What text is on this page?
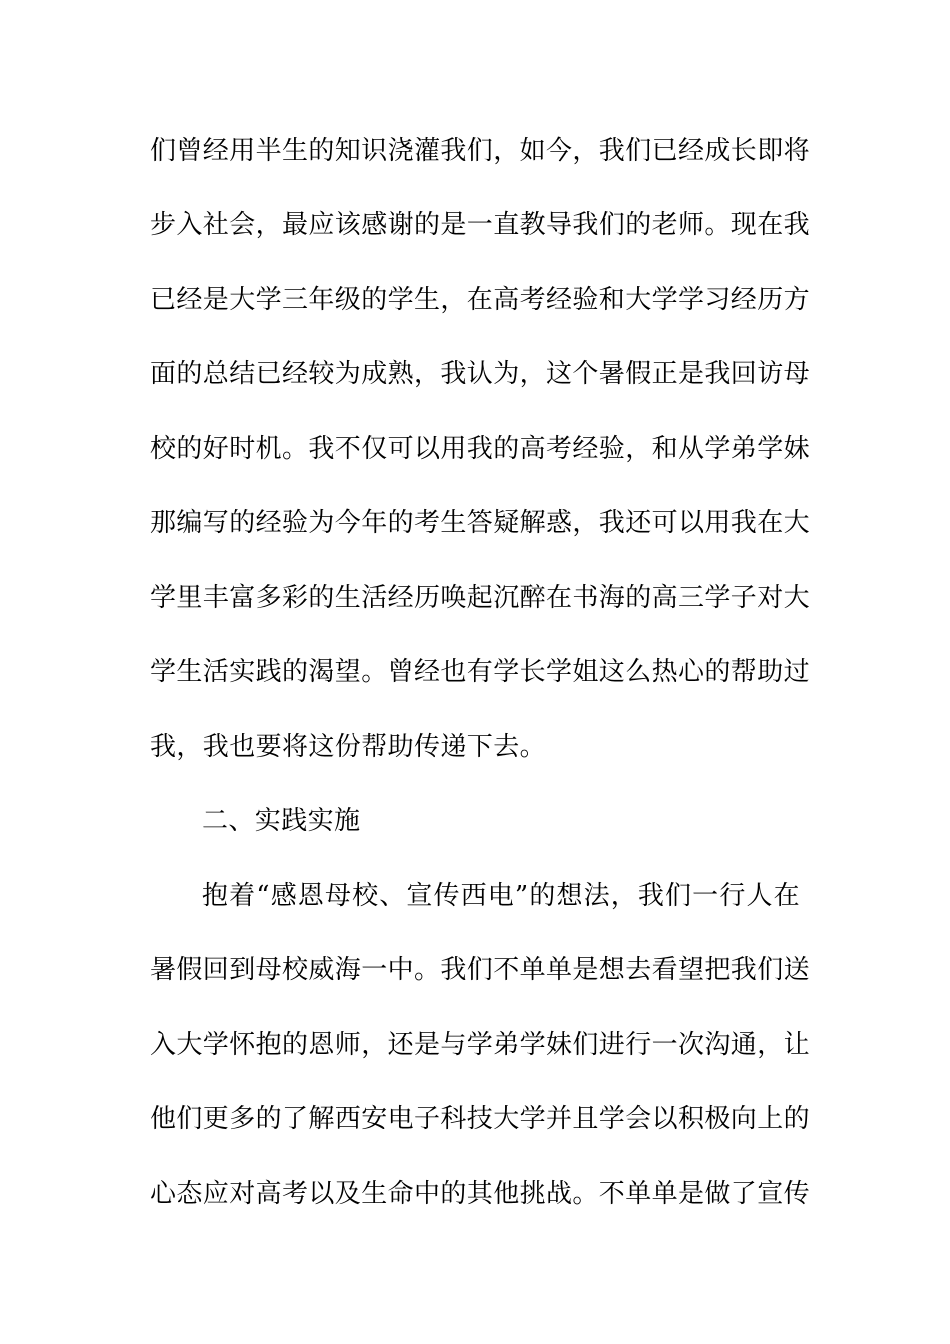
们曾经用半生的知识浇灌我们，如今，我们已经成长即将
步入社会，最应该感谢的是一直教导我们的老师。现在我
已经是大学三年级的学生，在高考经验和大学学习经历方
面的总结已经较为成熟，我认为，这个暑假正是我回访母
校的好时机。我不仅可以用我的高考经验，和从学弟学妹
那编写的经验为今年的考生答疑解惑，我还可以用我在大
学里丰富多彩的生活经历唤起沉醉在书海的高三学子对大
学生活实践的渴望。曾经也有学长学姐这么热心的帮助过
我，我也要将这份帮助传递下去。
二、实践实施
抱着“感恩母校、宣传西电”的想法，我们一行人在
暑假回到母校威海一中。我们不单单是想去看望把我们送
入大学怀抱的恩师，还是与学弟学妹们进行一次沟通，让
他们更多的了解西安电子科技大学并且学会以积极向上的
心态应对高考以及生命中的其他挑战。不单单是做了宣传
